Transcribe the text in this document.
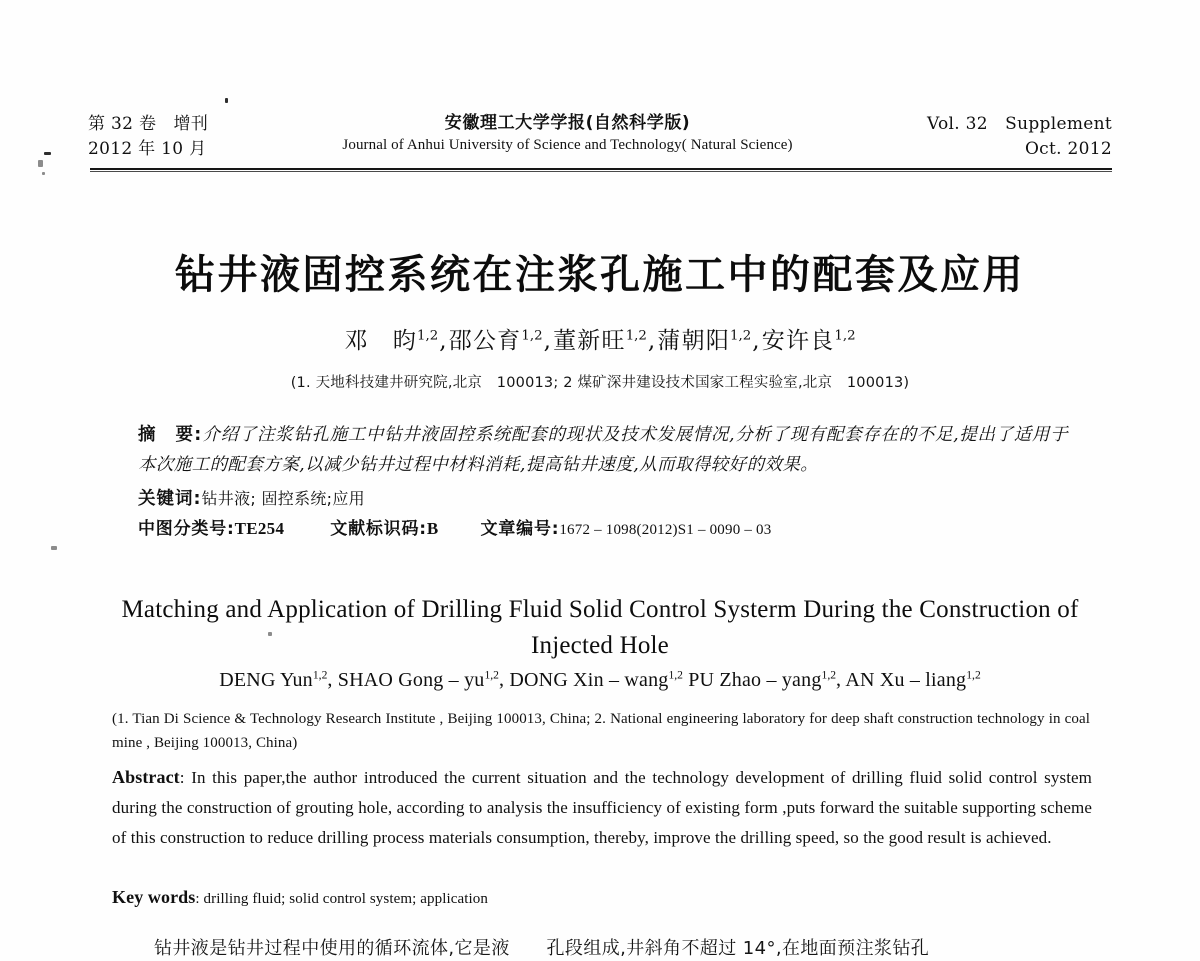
第 32 卷　增刊
2012 年 10 月
安徽理工大学学报(自然科学版)
Journal of Anhui University of Science and Technology( Natural Science)
Vol. 32　Supplement
Oct. 2012
钻井液固控系统在注浆孔施工中的配套及应用
邓　昀$^{1,2}$,邵公育$^{1,2}$,董新旺$^{1,2}$,蒲朝阳$^{1,2}$,安许良$^{1,2}$
(1. 天地科技建井研究院,北京　100013; 2 煤矿深井建设技术国家工程实验室,北京　100013)
摘　要:介绍了注浆钻孔施工中钻井液固控系统配套的现状及技术发展情况,分析了现有配套存在的不足,提出了适用于本次施工的配套方案,以减少钻井过程中材料消耗,提高钻井速度,从而取得较好的效果。
关键词:钻井液; 固控系统;应用
中图分类号: TE254	文献标识码: B 文章编号: 1672 – 1098(2012)S1 – 0090 – 03
Matching and Application of Drilling Fluid Solid Control Systerm During the Construction of Injected Hole
DENG Yun$^{1,2}$, SHAO Gong – yu$^{1,2}$, DONG Xin – wang$^{1,2}$ PU Zhao – yang$^{1,2}$, AN Xu – liang$^{1,2}$
(1. Tian Di Science & Technology Research Institute , Beijing 100013, China; 2. National engineering laboratory for deep shaft construction technology in coal mine , Beijing 100013, China)
Abstract: In this paper,the author introduced the current situation and the technology development of drilling fluid solid control system during the construction of grouting hole, according to analysis the insufficiency of existing form ,puts forward the suitable supporting scheme of this construction to reduce drilling process materials consumption, thereby, improve the drilling speed, so the good result is achieved.
Key words: drilling fluid; solid control system; application
钻井液是钻井过程中使用的循环流体,它是液　　孔段组成,井斜角不超过 14°,在地面预注浆钻孔
